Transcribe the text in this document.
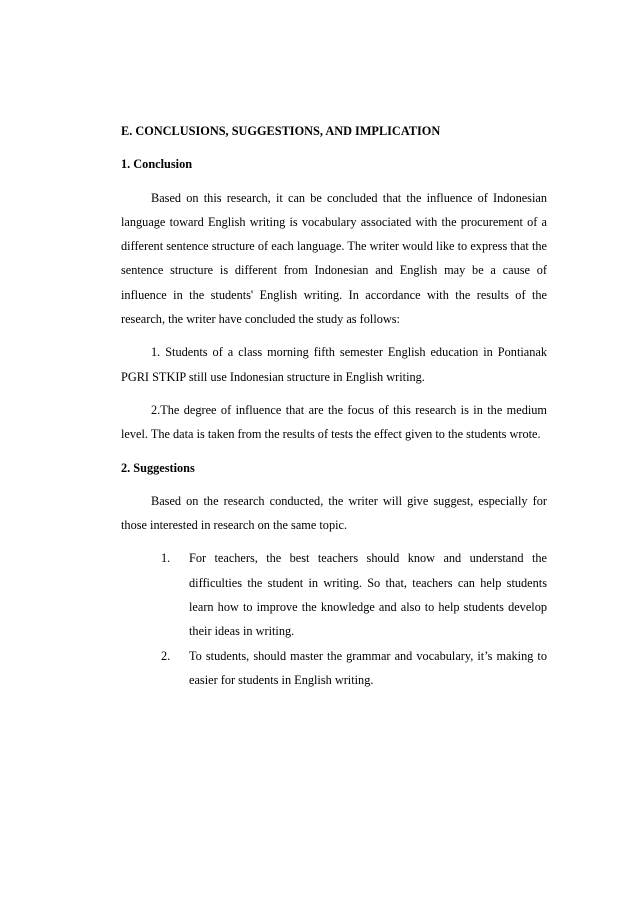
E. CONCLUSIONS, SUGGESTIONS, AND IMPLICATION

1. Conclusion

Based on this research, it can be concluded that the influence of Indonesian language toward English writing is vocabulary associated with the procurement of a different sentence structure of each language. The writer would like to express that the sentence structure is different from Indonesian and English may be a cause of influence in the students' English writing. In accordance with the results of the research, the writer have concluded the study as follows:

1. Students of a class morning fifth semester English education in Pontianak PGRI STKIP still use Indonesian structure in English writing.

2.The degree of influence that are the focus of this research is in the medium level. The data is taken from the results of tests the effect given to the students wrote.

2. Suggestions

Based on the research conducted, the writer will give suggest, especially for those interested in research on the same topic.

1. For teachers, the best teachers should know and understand the difficulties the student in writing. So that, teachers can help students learn how to improve the knowledge and also to help students develop their ideas in writing.
2. To students, should master the grammar and vocabulary, it’s making to easier for students in English writing.
